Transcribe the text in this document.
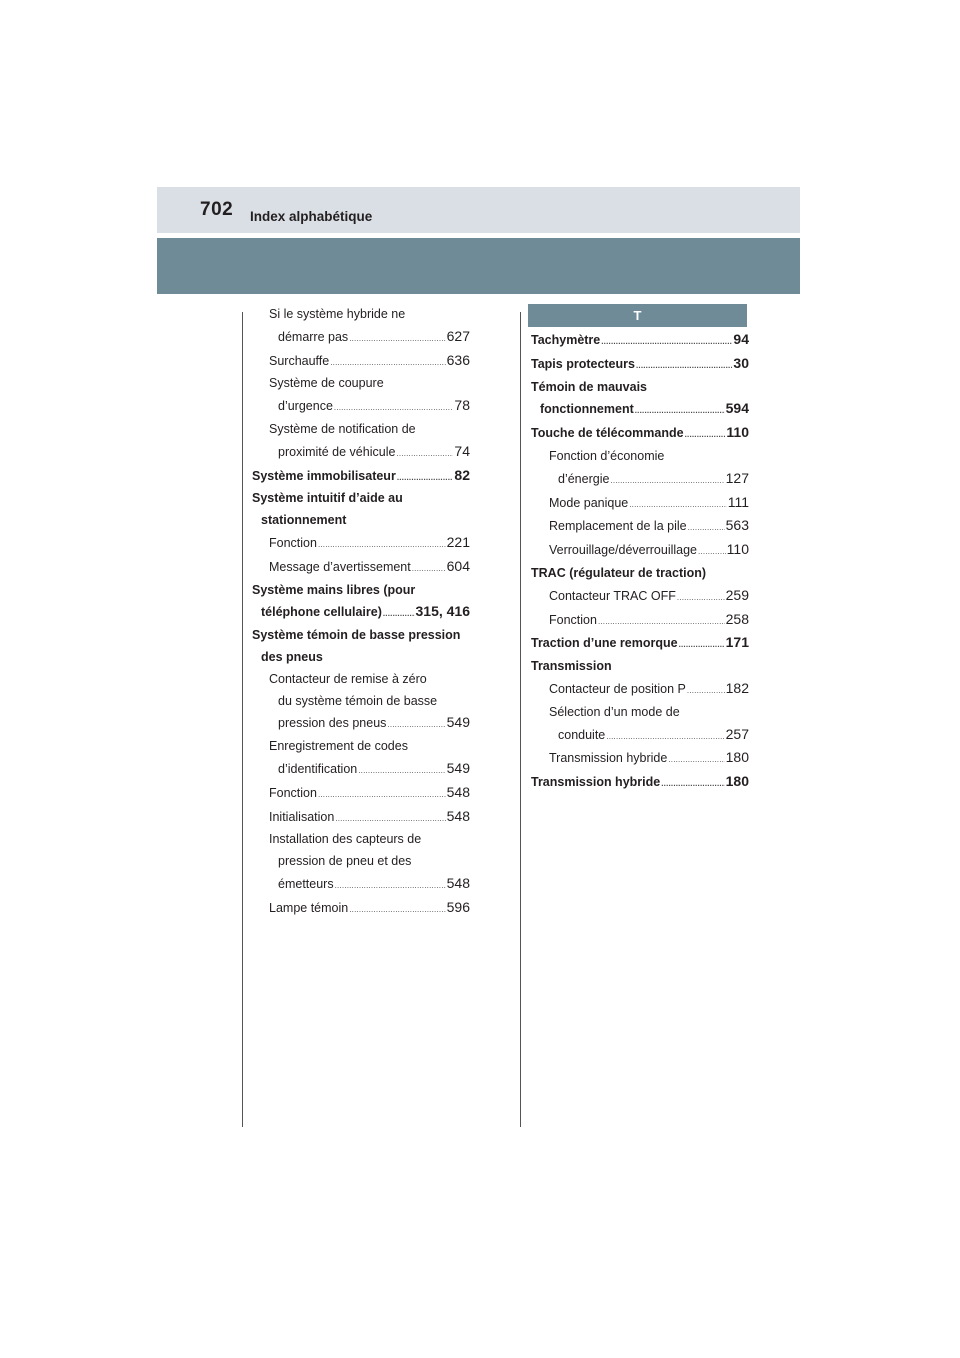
702 Index alphabétique
Si le système hybride ne
démarre pas .....	627
Surchauffe .....	636
Système de coupure
d’urgence .....	78
Système de notification de
proximité de véhicule .....	74
Système immobilisateur .....	82
Système intuitif d’aide au
stationnement
Fonction .....	221
Message d’avertissement .....	604
Système mains libres (pour
téléphone cellulaire) ..... 315, 416
Système témoin de basse pression
des pneus
Contacteur de remise à zéro
du système témoin de basse
pression des pneus .....	549
Enregistrement de codes
d’identification .....	549
Fonction .....	548
Initialisation .....	548
Installation des capteurs de
pression de pneu et des
émetteurs .....	548
Lampe témoin .....	596
T
Tachymètre .....	94
Tapis protecteurs .....	30
Témoin de mauvais
fonctionnement .....	594
Touche de télécommande .....	110
Fonction d’économie
d’énergie .....	127
Mode panique .....	111
Remplacement de la pile .....	563
Verrouillage/déverrouillage ..... 110
TRAC (régulateur de traction)
Contacteur TRAC OFF .....	259
Fonction .....	258
Traction d’une remorque .....	171
Transmission
Contacteur de position P .....	182
Sélection d’un mode de
conduite .....	257
Transmission hybride .....	180
Transmission hybride .....	180
